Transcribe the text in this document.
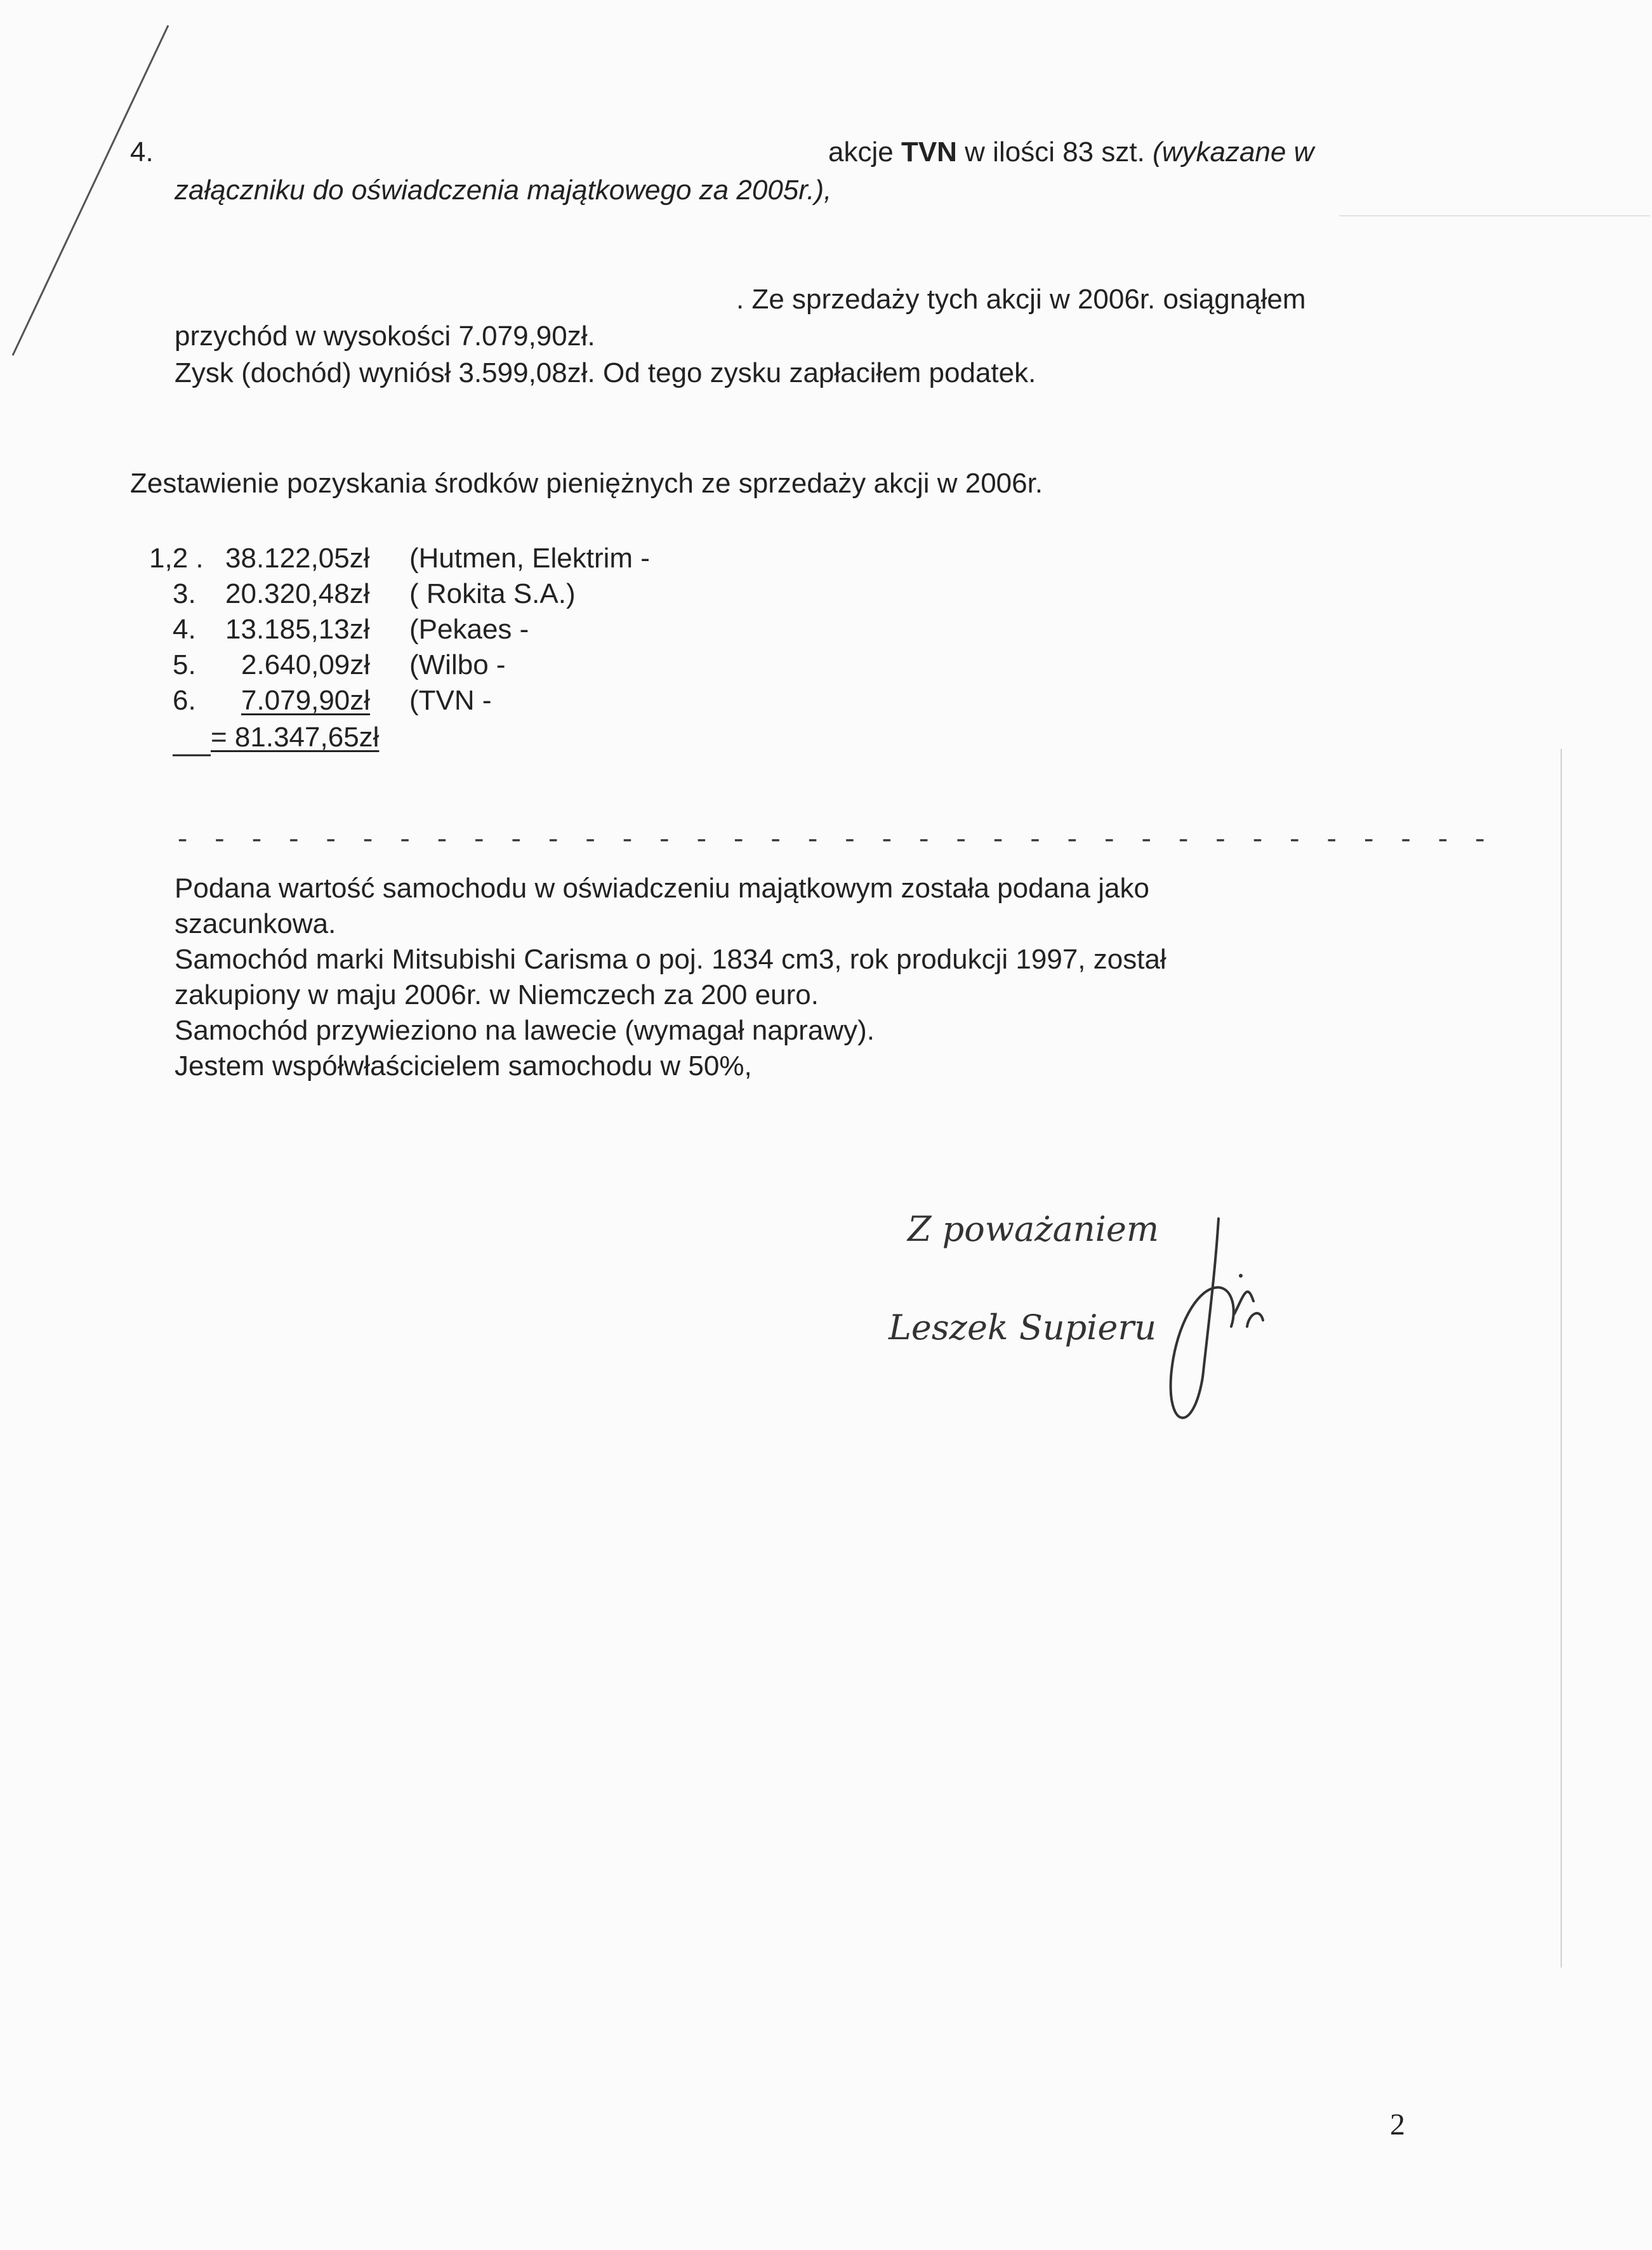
4.	akcje TVN w ilości 83 szt. (wykazane w
załączniku do oświadczenia majątkowego za 2005r.),
. Ze sprzedaży tych akcji w 2006r. osiągnąłem
przychód w wysokości 7.079,90zł.
Zysk (dochód) wyniósł 3.599,08zł. Od tego zysku zapłaciłem podatek.
Zestawienie pozyskania środków pieniężnych ze sprzedaży akcji w 2006r.
1,2 . 38.122,05zł (Hutmen, Elektrim -
3. 20.320,48zł ( Rokita S.A.)
4. 13.185,13zł (Pekaes -
5. 2.640,09zł (Wilbo -
6. 7.079,90zł (TVN -
= 81.347,65zł
- - - - - - - - - - - - - - - - - - - - - - - - - - - - - - - - - - - -
Podana wartość samochodu w oświadczeniu majątkowym została podana jako
szacunkowa.
Samochód marki Mitsubishi Carisma o poj. 1834 cm3, rok produkcji 1997, został
zakupiony w maju 2006r. w Niemczech za 200 euro.
Samochód przywieziono na lawecie (wymagał naprawy).
Jestem współwłaścicielem samochodu w 50%,
Z poważaniem
Leszek Supieru
2
